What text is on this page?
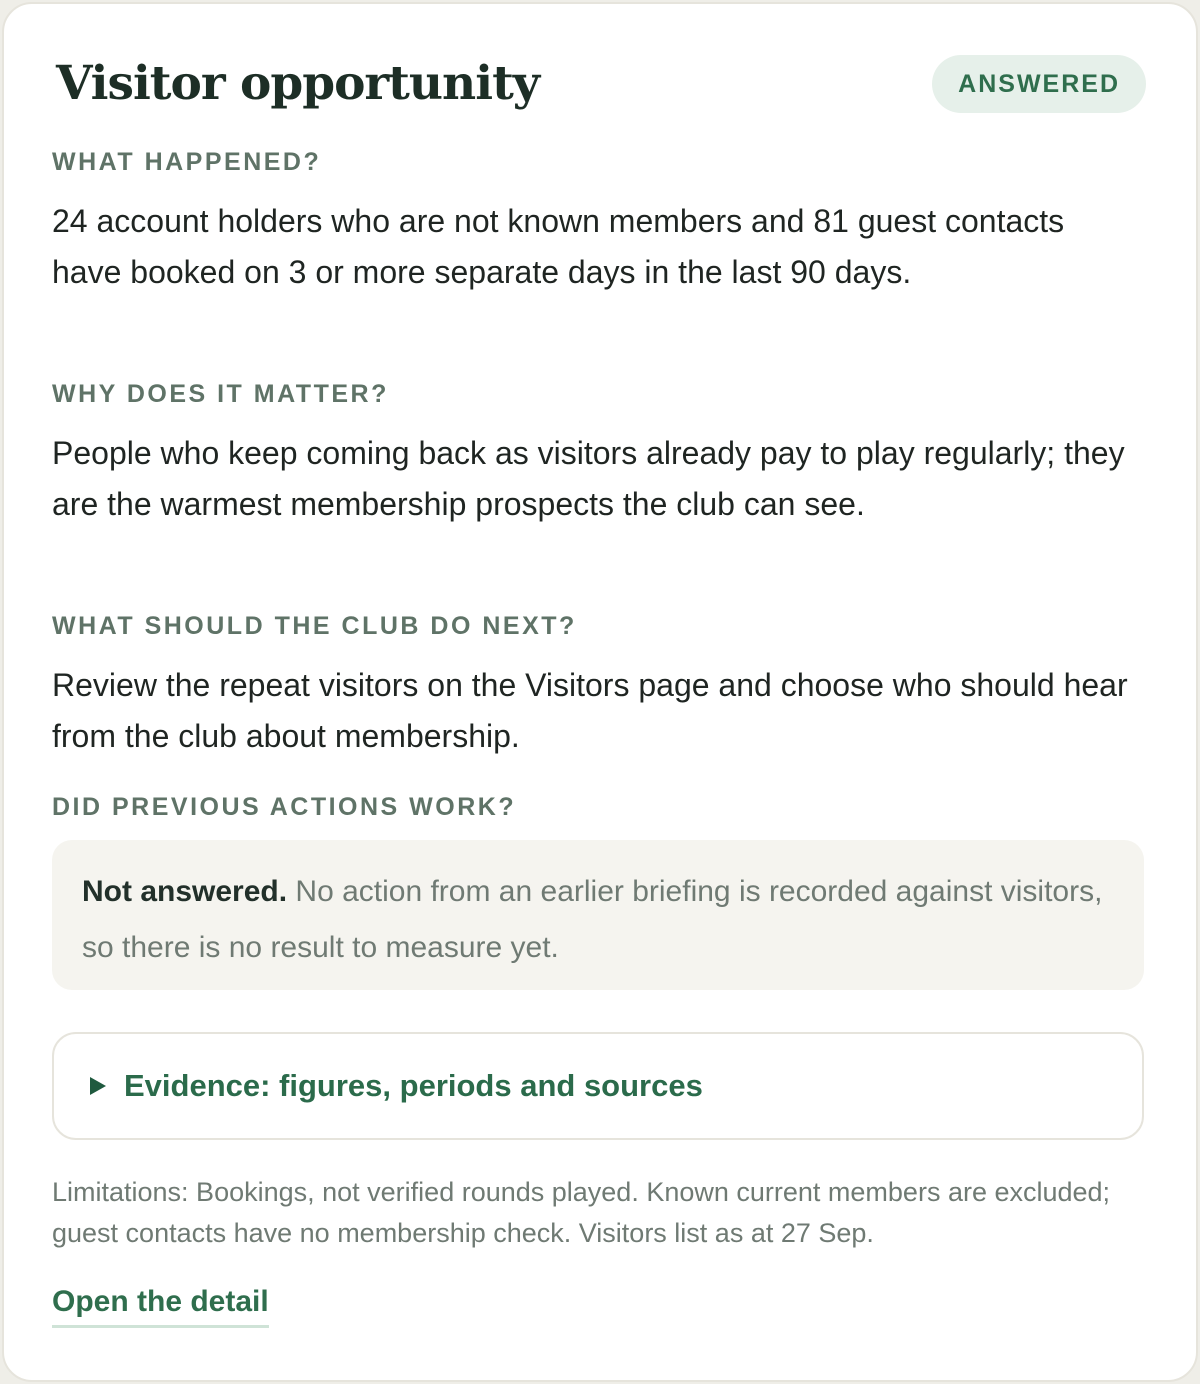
Visitor opportunity	ANSWERED

WHAT HAPPENED?

24 account holders who are not known members and 81 guest contacts have booked on 3 or more separate days in the last 90 days.

WHY DOES IT MATTER?

People who keep coming back as visitors already pay to play regularly; they are the warmest membership prospects the club can see.

WHAT SHOULD THE CLUB DO NEXT?

Review the repeat visitors on the Visitors page and choose who should hear from the club about membership.

DID PREVIOUS ACTIONS WORK?

Not answered. No action from an earlier briefing is recorded against visitors, so there is no result to measure yet.
Evidence: figures, periods and sources

Limitations: Bookings, not verified rounds played. Known current members are excluded; guest contacts have no membership check. Visitors list as at 27 Sep.

Open the detail
